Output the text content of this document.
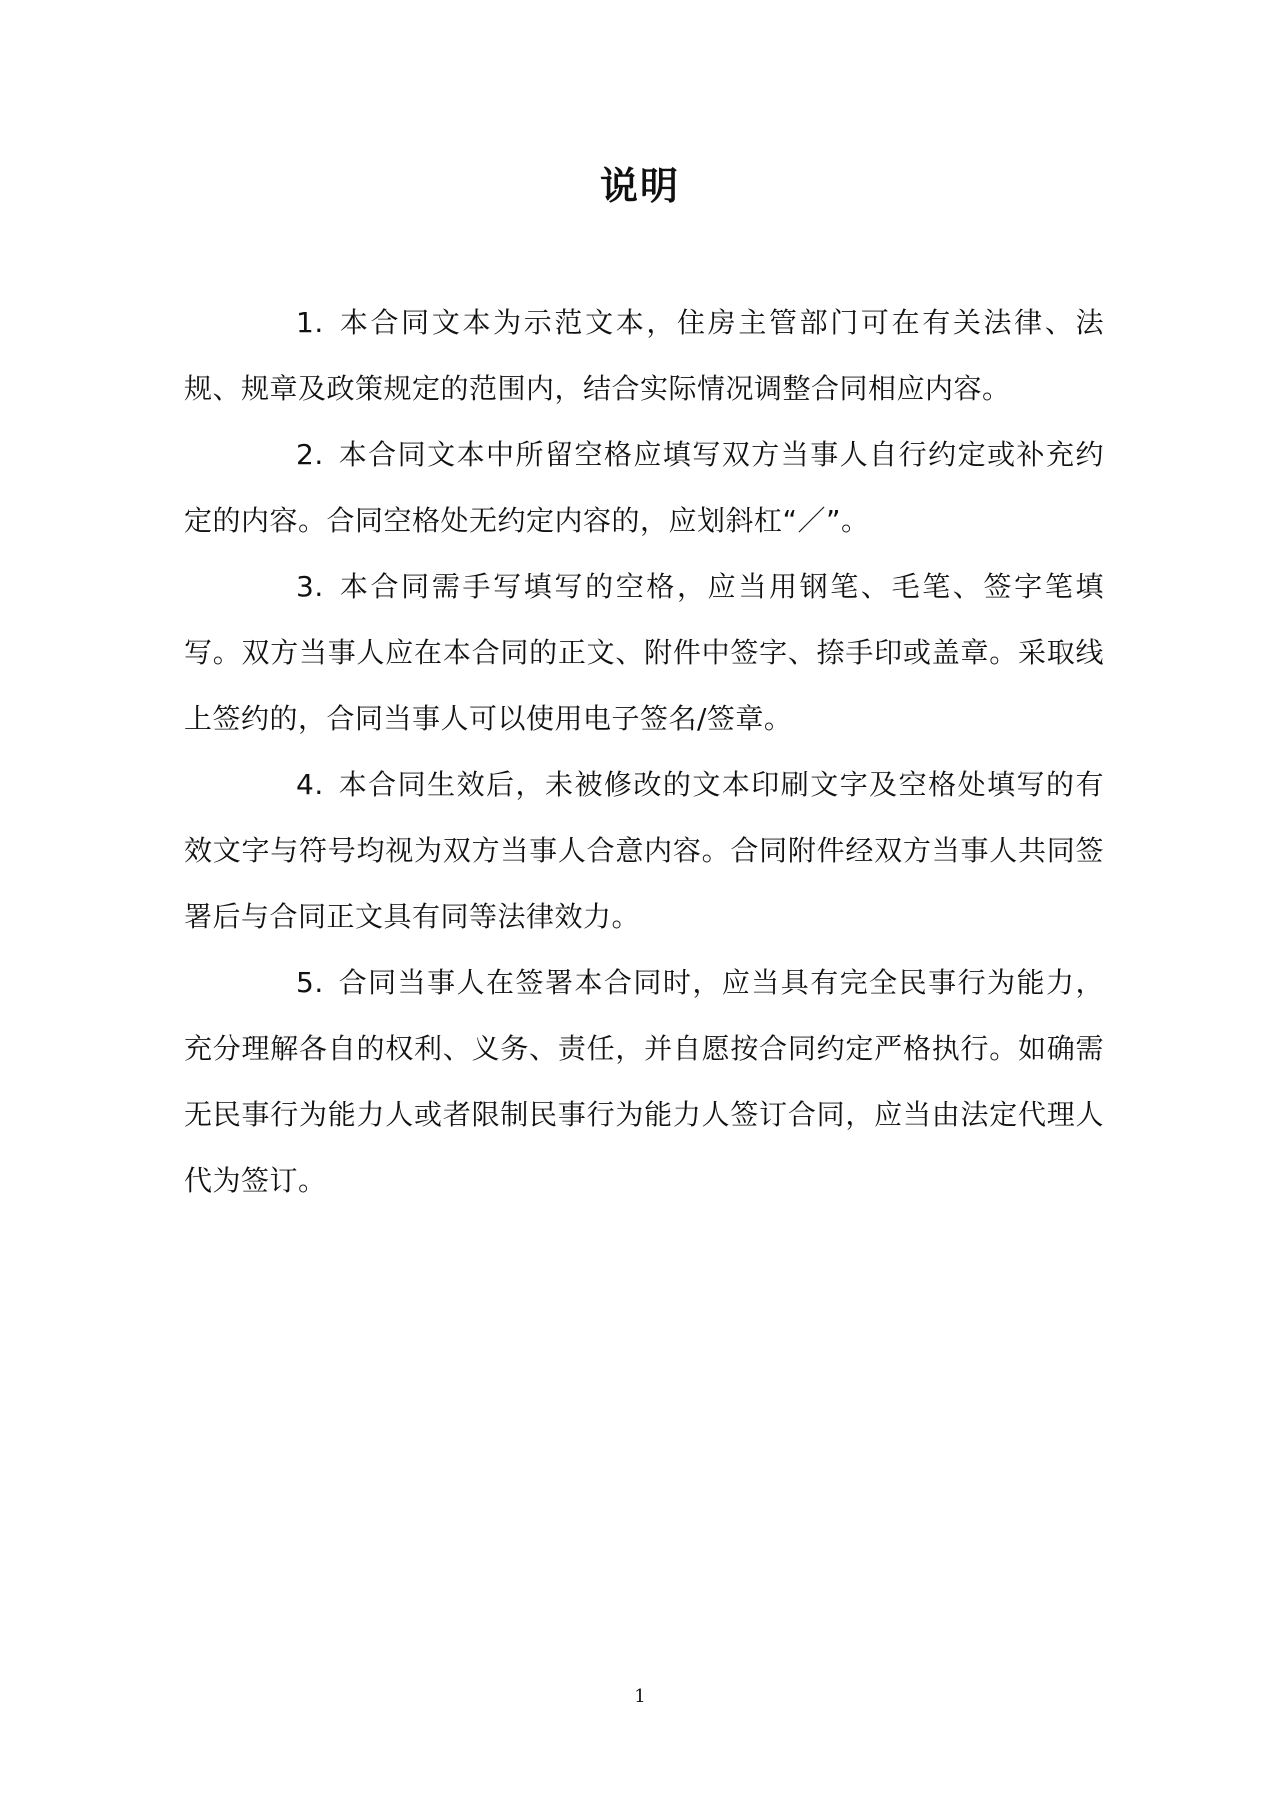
说明

1. 本合同文本为示范文本，住房主管部门可在有关法律、法规、规章及政策规定的范围内，结合实际情况调整合同相应内容。

2. 本合同文本中所留空格应填写双方当事人自行约定或补充约定的内容。合同空格处无约定内容的，应划斜杠“／”。

3. 本合同需手写填写的空格，应当用钢笔、毛笔、签字笔填写。双方当事人应在本合同的正文、附件中签字、捺手印或盖章。采取线上签约的，合同当事人可以使用电子签名/签章。

4. 本合同生效后，未被修改的文本印刷文字及空格处填写的有效文字与符号均视为双方当事人合意内容。合同附件经双方当事人共同签署后与合同正文具有同等法律效力。

5. 合同当事人在签署本合同时，应当具有完全民事行为能力，充分理解各自的权利、义务、责任，并自愿按合同约定严格执行。如确需无民事行为能力人或者限制民事行为能力人签订合同，应当由法定代理人代为签订。

1
